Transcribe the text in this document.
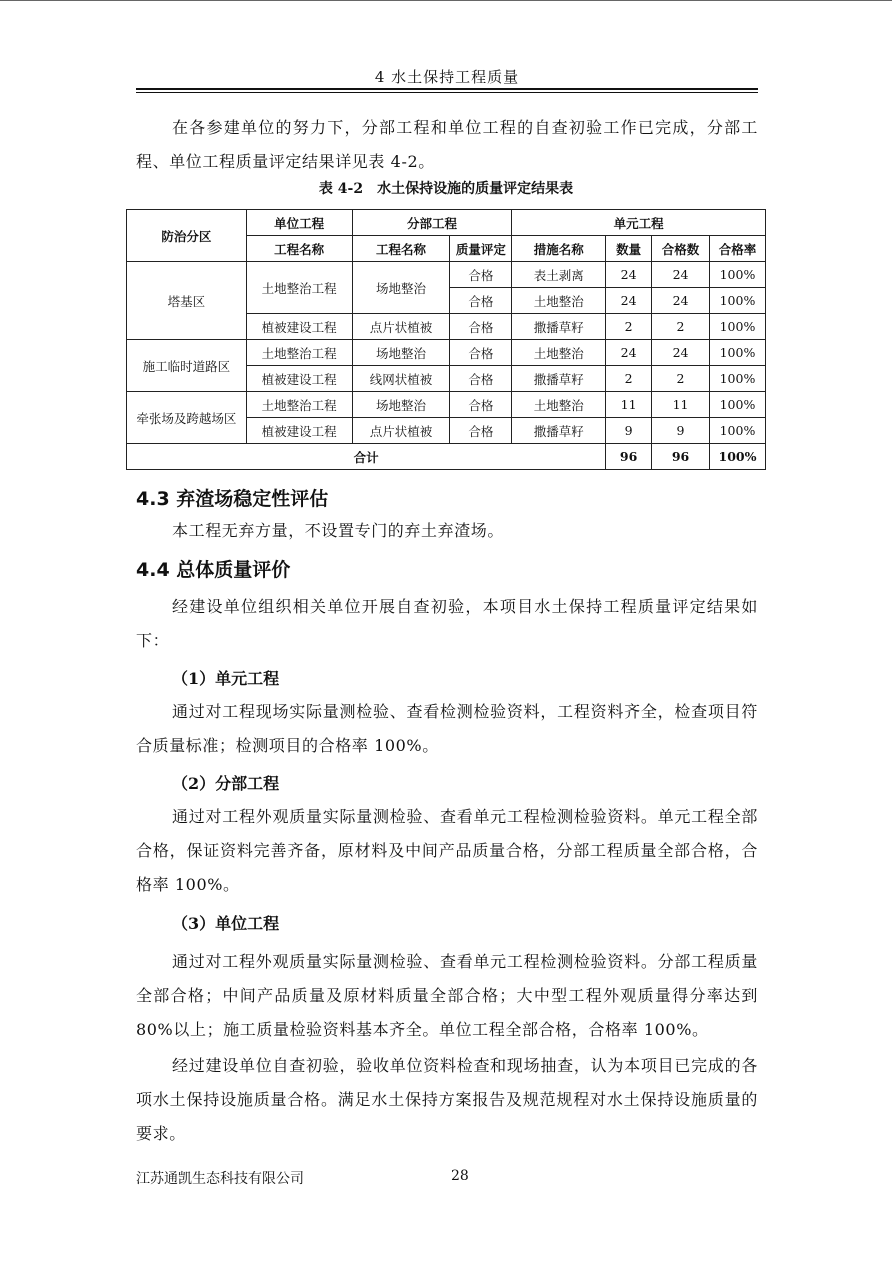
4 水土保持工程质量
在各参建单位的努力下，分部工程和单位工程的自查初验工作已完成，分部工程、单位工程质量评定结果详见表 4-2。
表 4-2　水土保持设施的质量评定结果表
防治分区	单位工程	分部工程		单元工程			
	工程名称	工程名称	质量评定	措施名称	数量	合格数	合格率
塔基区	土地整治工程	场地整治	合格	表土剥离	24	24	100%
			合格	土地整治	24	24	100%
	植被建设工程	点片状植被	合格	撒播草籽	2	2	100%
施工临时道路区	土地整治工程	场地整治	合格	土地整治	24	24	100%
	植被建设工程	线网状植被	合格	撒播草籽	2	2	100%
牵张场及跨越场区	土地整治工程	场地整治	合格	土地整治	11	11	100%
	植被建设工程	点片状植被	合格	撒播草籽	9	9	100%
合计					96	96	100%
4.3 弃渣场稳定性评估
本工程无弃方量，不设置专门的弃土弃渣场。
4.4 总体质量评价
经建设单位组织相关单位开展自查初验，本项目水土保持工程质量评定结果如下：
（1）单元工程
通过对工程现场实际量测检验、查看检测检验资料，工程资料齐全，检查项目符合质量标准；检测项目的合格率 100%。
（2）分部工程
通过对工程外观质量实际量测检验、查看单元工程检测检验资料。单元工程全部合格，保证资料完善齐备，原材料及中间产品质量合格，分部工程质量全部合格，合格率 100%。
（3）单位工程
通过对工程外观质量实际量测检验、查看单元工程检测检验资料。分部工程质量全部合格；中间产品质量及原材料质量全部合格；大中型工程外观质量得分率达到 80%以上；施工质量检验资料基本齐全。单位工程全部合格，合格率 100%。
经过建设单位自查初验，验收单位资料检查和现场抽查，认为本项目已完成的各项水土保持设施质量合格。满足水土保持方案报告及规范规程对水土保持设施质量的要求。
江苏通凯生态科技有限公司	28
